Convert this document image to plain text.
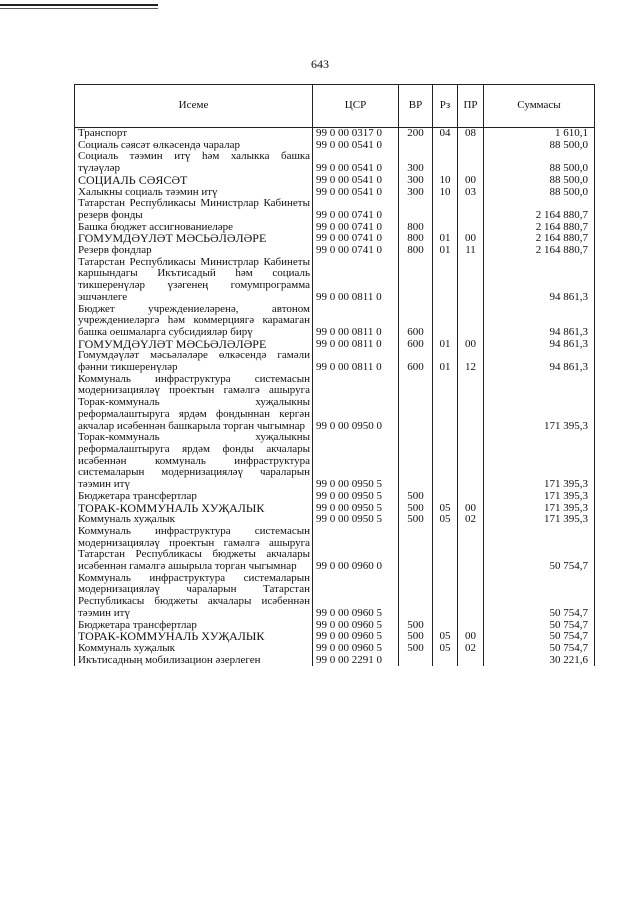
643
Исеме	ЦСР	ВР	Рз	ПР	Суммасы
Транспорт	99 0 00 0317 0	200	04	08	1 610,1
Социаль сәясәт өлкәсендә чаралар	99 0 00 0541 0				88 500,0
Социаль тәэмин итү һәм халыкка башка түләүләр	99 0 00 0541 0	300			88 500,0
СОЦИАЛЬ СӘЯСӘТ	99 0 00 0541 0	300	10	00	88 500,0
Халыкны социаль тәэмин итү	99 0 00 0541 0	300	10	03	88 500,0
Татарстан Республикасы Министрлар Кабинеты резерв фонды	99 0 00 0741 0				2 164 880,7
Башка бюджет ассигнованиеләре	99 0 00 0741 0	800			2 164 880,7
ГОМУМДӘҮЛӘТ МӘСЬӘЛӘЛӘРЕ	99 0 00 0741 0	800	01	00	2 164 880,7
Резерв фондлар	99 0 00 0741 0	800	01	11	2 164 880,7
Татарстан Республикасы Министрлар Кабинеты каршындагы Икътисадый һәм социаль тикшеренүләр үзәгенең гомумпрограмма эшчәнлеге	99 0 00 0811 0				94 861,3
Бюджет учреждениеләренә, автоном учреждениеләргә һәм коммерциягә карамаган башка оешмаларга субсидияләр бирү	99 0 00 0811 0	600			94 861,3
ГОМУМДӘҮЛӘТ МӘСЬӘЛӘЛӘРЕ	99 0 00 0811 0	600	01	00	94 861,3
Гомумдәүләт мәсьәләләре өлкәсендә гамәли фәнни тикшеренүләр	99 0 00 0811 0	600	01	12	94 861,3
Коммуналь инфраструктура системасын модернизацияләү проектын гамәлгә ашыруга Торак-коммуналь хуҗалыкны реформалаштыруга ярдәм фондыннан кергән акчалар исәбеннән башкарыла торган чыгымнар	99 0 00 0950 0				171 395,3
Торак-коммуналь хуҗалыкны реформалаштыруга ярдәм фонды акчалары исәбеннән коммуналь инфраструктура системаларын модернизацияләү чараларын тәэмин итү	99 0 00 0950 5				171 395,3
Бюджетара трансфертлар	99 0 00 0950 5	500			171 395,3
ТОРАК-КОММУНАЛЬ ХУҖАЛЫК	99 0 00 0950 5	500	05	00	171 395,3
Коммуналь хуҗалык	99 0 00 0950 5	500	05	02	171 395,3
Коммуналь инфраструктура системасын модернизацияләү проектын гамәлгә ашыруга Татарстан Республикасы бюджеты акчалары исәбеннән гамәлгә ашырыла торган чыгымнар	99 0 00 0960 0				50 754,7
Коммуналь инфраструктура системаларын модернизацияләү чараларын Татарстан Республикасы бюджеты акчалары исәбеннән тәэмин итү	99 0 00 0960 5				50 754,7
Бюджетара трансфертлар	99 0 00 0960 5	500			50 754,7
ТОРАК-КОММУНАЛЬ ХУҖАЛЫК	99 0 00 0960 5	500	05	00	50 754,7
Коммуналь хуҗалык	99 0 00 0960 5	500	05	02	50 754,7
Икътисадның мобилизацион әзерлеген	99 0 00 2291 0				30 221,6
